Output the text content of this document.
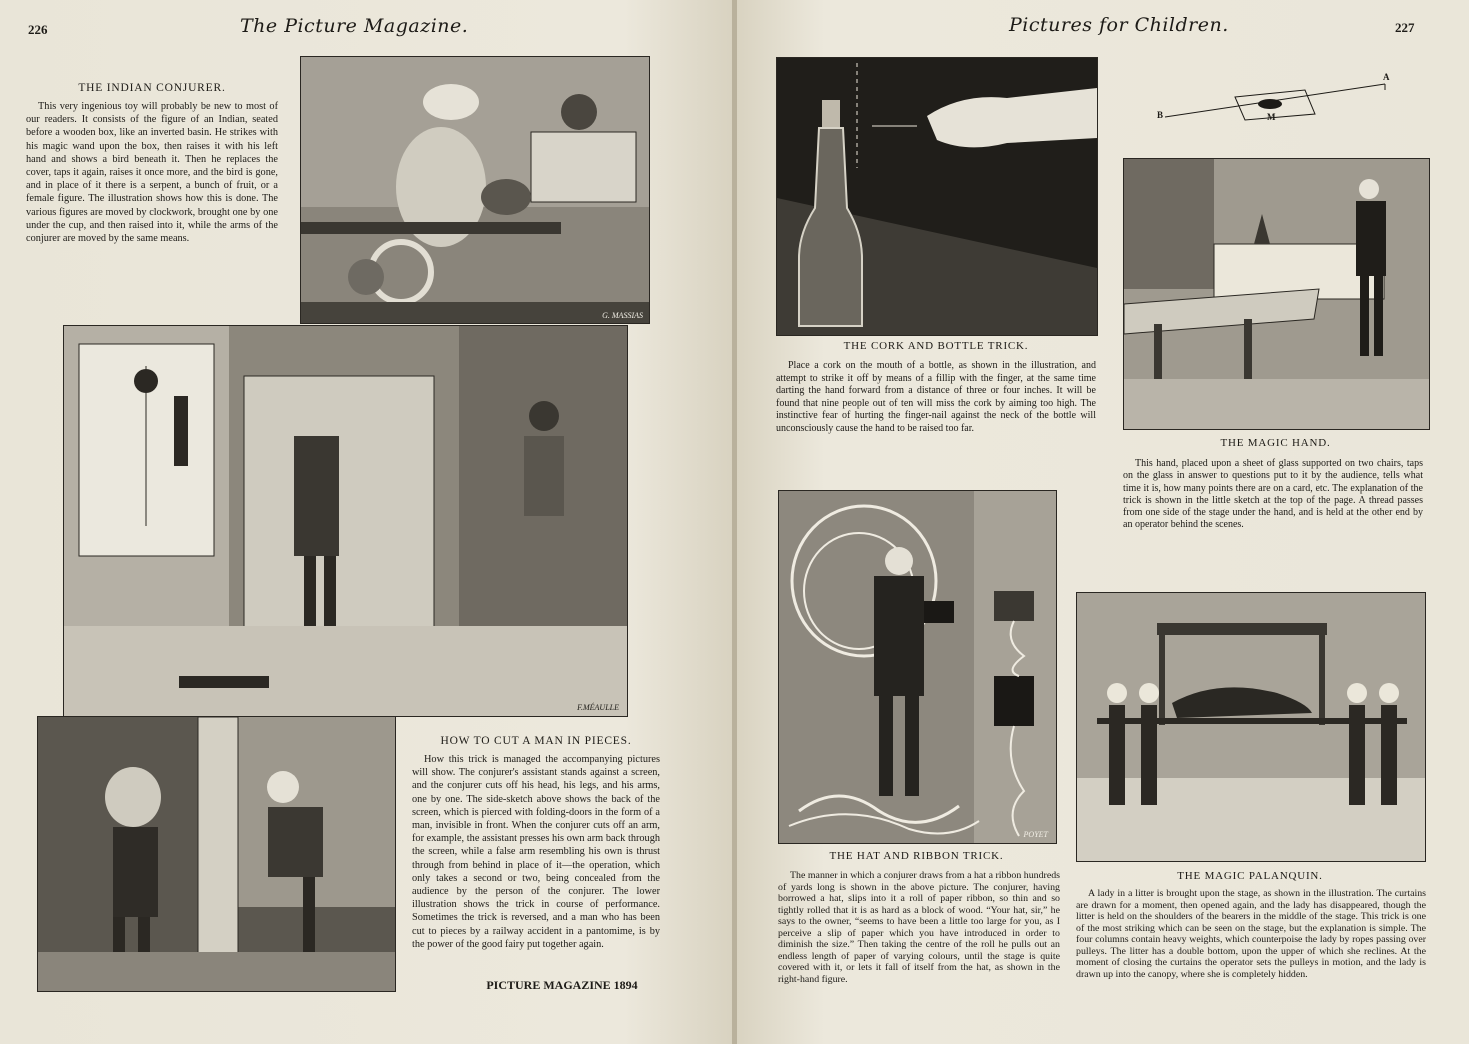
226	The Picture Magazine.
THE INDIAN CONJURER.

This very ingenious toy will probably be new to most of our readers. It consists of the figure of an Indian, seated before a wooden box, like an inverted basin. He strikes with his magic wand upon the box, then raises it with his left hand and shows a bird beneath it. Then he replaces the cover, taps it again, raises it once more, and the bird is gone, and in place of it there is a serpent, a bunch of fruit, or a female figure. The illustration shows how this is done. The various figures are moved by clockwork, brought one by one under the cup, and then raised into it, while the arms of the conjurer are moved by the same means.

G. MASSIAS
F.MÉAULLE
HOW TO CUT A MAN IN PIECES.

How this trick is managed the accompanying pictures will show. The conjurer's assistant stands against a screen, and the conjurer cuts off his head, his legs, and his arms, one by one. The side-sketch above shows the back of the screen, which is pierced with folding-doors in the form of a man, invisible in front. When the conjurer cuts off an arm, for example, the assistant presses his own arm back through the screen, while a false arm resembling his own is thrust through from behind in place of it—the operation, which only takes a second or two, being concealed from the audience by the person of the conjurer. The lower illustration shows the trick in course of performance. Sometimes the trick is reversed, and a man who has been cut to pieces by a railway accident in a pantomime, is by the power of the good fairy put together again.

PICTURE MAGAZINE 1894
Pictures for Children.	227
THE CORK AND BOTTLE TRICK.

Place a cork on the mouth of a bottle, as shown in the illustration, and attempt to strike it off by means of a fillip with the finger, at the same time darting the hand forward from a distance of three or four inches. It will be found that nine people out of ten will miss the cork by aiming too high. The instinctive fear of hurting the finger-nail against the neck of the bottle will unconsciously cause the hand to be raised too far.

A
B	M
THE MAGIC HAND.

This hand, placed upon a sheet of glass supported on two chairs, taps on the glass in answer to questions put to it by the audience, tells what time it is, how many points there are on a card, etc. The explanation of the trick is shown in the little sketch at the top of the page. A thread passes from one side of the stage under the hand, and is held at the other end by an operator behind the scenes.

POYET
THE HAT AND RIBBON TRICK.

The manner in which a conjurer draws from a hat a ribbon hundreds of yards long is shown in the above picture. The conjurer, having borrowed a hat, slips into it a roll of paper ribbon, so thin and so tightly rolled that it is as hard as a block of wood. “Your hat, sir,” he says to the owner, “seems to have been a little too large for you, as I perceive a slip of paper which you have introduced in order to diminish the size.” Then taking the centre of the roll he pulls out an endless length of paper of varying colours, until the stage is quite covered with it, or lets it fall of itself from the hat, as shown in the right-hand figure.

THE MAGIC PALANQUIN.

A lady in a litter is brought upon the stage, as shown in the illustration. The curtains are drawn for a moment, then opened again, and the lady has disappeared, though the litter is held on the shoulders of the bearers in the middle of the stage. This trick is one of the most striking which can be seen on the stage, but the explanation is simple. The four columns contain heavy weights, which counterpoise the lady by ropes passing over pulleys. The litter has a double bottom, upon the upper of which she reclines. At the moment of closing the curtains the operator sets the pulleys in motion, and the lady is drawn up into the canopy, where she is completely hidden.
